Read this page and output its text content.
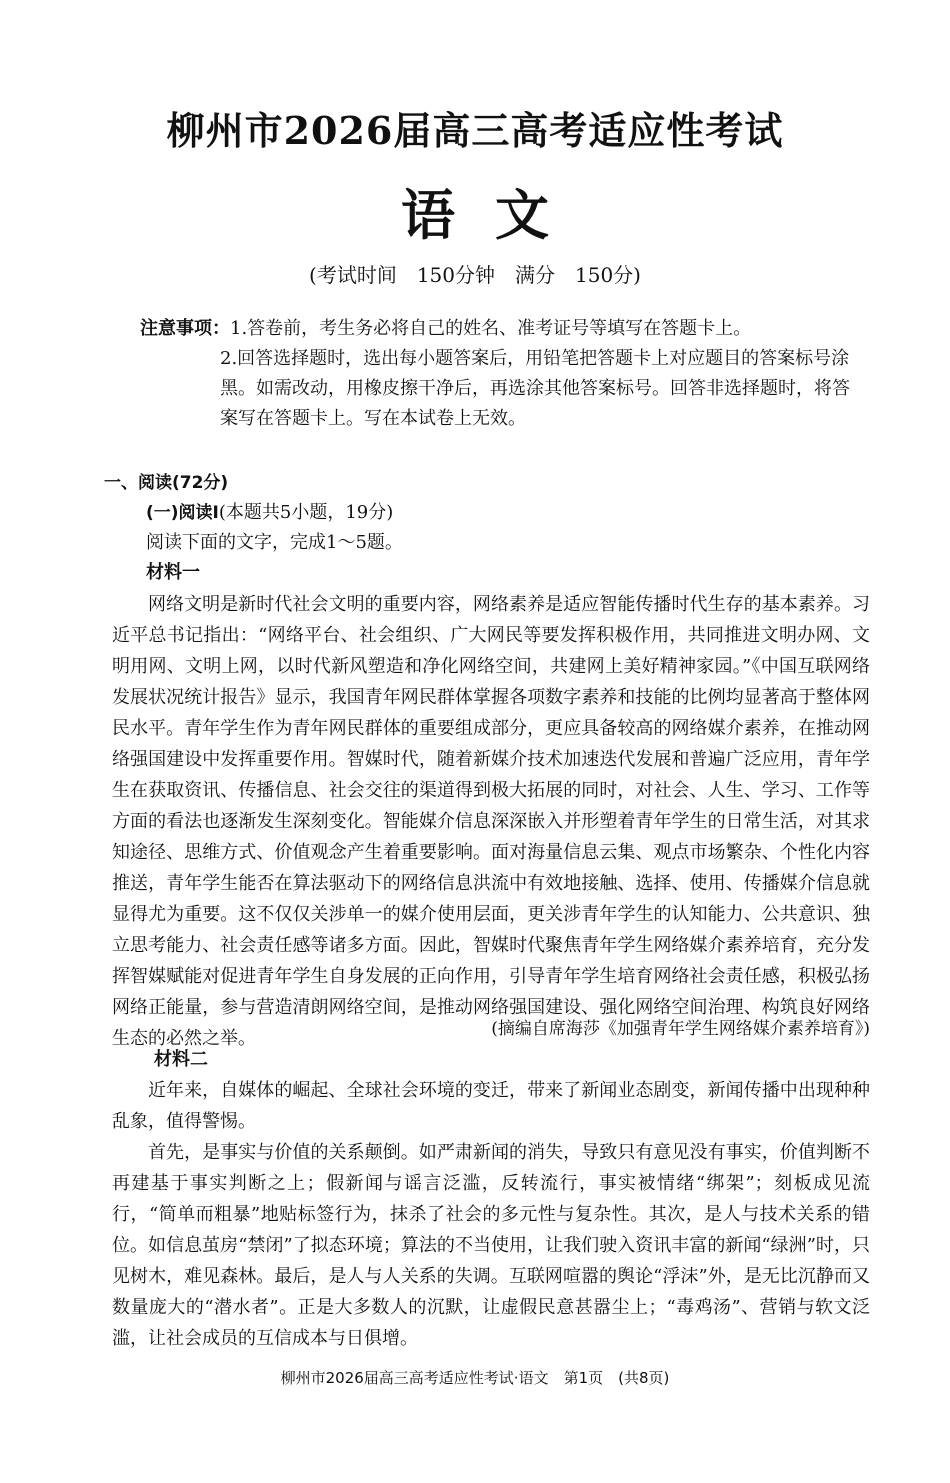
柳州市2026届高三高考适应性考试
语文
(考试时间　150分钟　满分　150分)
注意事项：1.答卷前，考生务必将自己的姓名、准考证号等填写在答题卡上。

2.回答选择题时，选出每小题答案后，用铅笔把答题卡上对应题目的答案标号涂黑。如需改动，用橡皮擦干净后，再选涂其他答案标号。回答非选择题时，将答案写在答题卡上。写在本试卷上无效。

一、阅读(72分)
(一)阅读Ⅰ(本题共5小题，19分)
阅读下面的文字，完成1～5题。
材料一

网络文明是新时代社会文明的重要内容，网络素养是适应智能传播时代生存的基本素养。习近平总书记指出：“网络平台、社会组织、广大网民等要发挥积极作用，共同推进文明办网、文明用网、文明上网，以时代新风塑造和净化网络空间，共建网上美好精神家园。”《中国互联网络发展状况统计报告》显示，我国青年网民群体掌握各项数字素养和技能的比例均显著高于整体网民水平。青年学生作为青年网民群体的重要组成部分，更应具备较高的网络媒介素养，在推动网络强国建设中发挥重要作用。智媒时代，随着新媒介技术加速迭代发展和普遍广泛应用，青年学生在获取资讯、传播信息、社会交往的渠道得到极大拓展的同时，对社会、人生、学习、工作等方面的看法也逐渐发生深刻变化。智能媒介信息深深嵌入并形塑着青年学生的日常生活，对其求知途径、思维方式、价值观念产生着重要影响。面对海量信息云集、观点市场繁杂、个性化内容推送，青年学生能否在算法驱动下的网络信息洪流中有效地接触、选择、使用、传播媒介信息就显得尤为重要。这不仅仅关涉单一的媒介使用层面，更关涉青年学生的认知能力、公共意识、独立思考能力、社会责任感等诸多方面。因此，智媒时代聚焦青年学生网络媒介素养培育，充分发挥智媒赋能对促进青年学生自身发展的正向作用，引导青年学生培育网络社会责任感，积极弘扬网络正能量，参与营造清朗网络空间，是推动网络强国建设、强化网络空间治理、构筑良好网络生态的必然之举。	(摘编自席海莎《加强青年学生网络媒介素养培育》)
材料二

近年来，自媒体的崛起、全球社会环境的变迁，带来了新闻业态剧变，新闻传播中出现种种乱象，值得警惕。

首先，是事实与价值的关系颠倒。如严肃新闻的消失，导致只有意见没有事实，价值判断不再建基于事实判断之上；假新闻与谣言泛滥，反转流行，事实被情绪“绑架”；刻板成见流行，“简单而粗暴”地贴标签行为，抹杀了社会的多元性与复杂性。其次，是人与技术关系的错位。如信息茧房“禁闭”了拟态环境；算法的不当使用，让我们驶入资讯丰富的新闻“绿洲”时，只见树木，难见森林。最后，是人与人关系的失调。互联网喧嚣的舆论“浮沫”外，是无比沉静而又数量庞大的“潜水者”。正是大多数人的沉默，让虚假民意甚嚣尘上；“毒鸡汤”、营销与软文泛滥，让社会成员的互信成本与日俱增。

柳州市2026届高三高考适应性考试·语文　第1页　(共8页)
